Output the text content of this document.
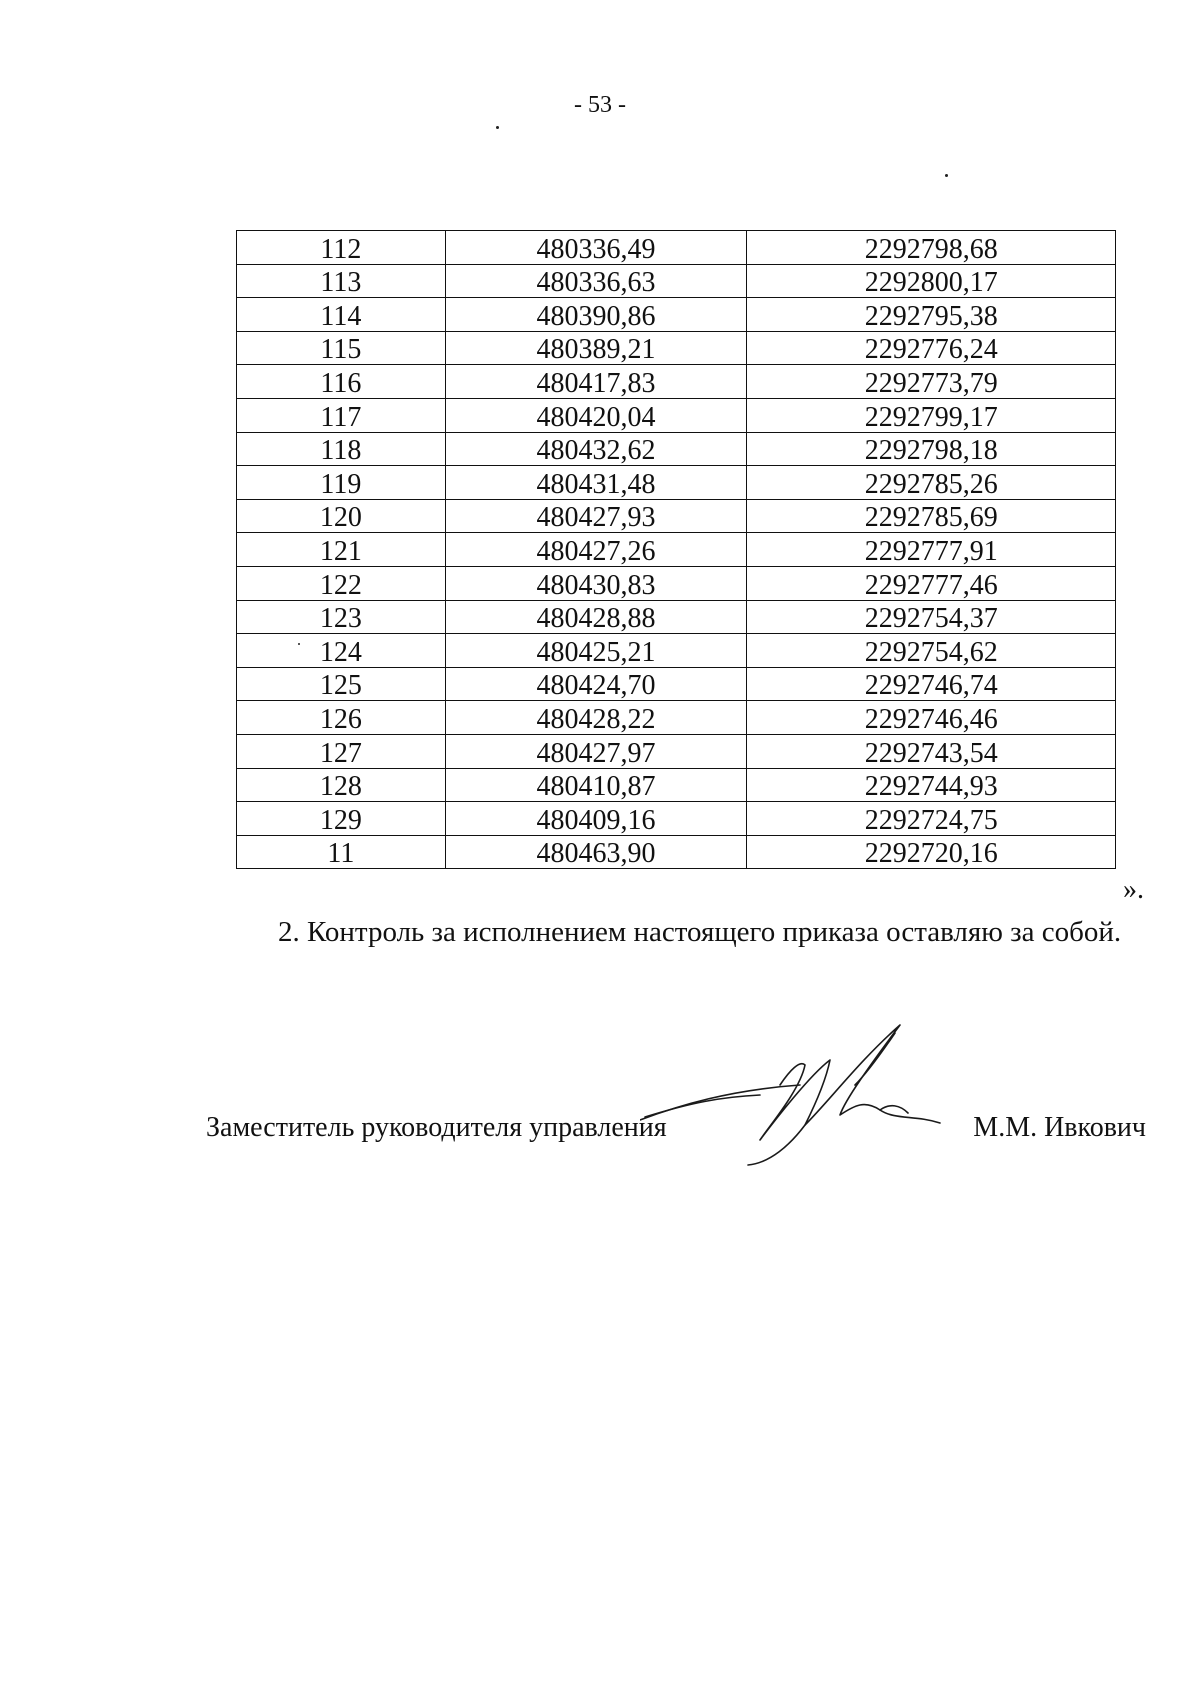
- 53 -
112	480336,49	2292798,68
113	480336,63	2292800,17
114	480390,86	2292795,38
115	480389,21	2292776,24
116	480417,83	2292773,79
117	480420,04	2292799,17
118	480432,62	2292798,18
119	480431,48	2292785,26
120	480427,93	2292785,69
121	480427,26	2292777,91
122	480430,83	2292777,46
123	480428,88	2292754,37
124	480425,21	2292754,62
125	480424,70	2292746,74
126	480428,22	2292746,46
127	480427,97	2292743,54
128	480410,87	2292744,93
129	480409,16	2292724,75
11	480463,90	2292720,16
».
2. Контроль за исполнением настоящего приказа оставляю за собой.
Заместитель руководителя управления	М.М. Ивкович
